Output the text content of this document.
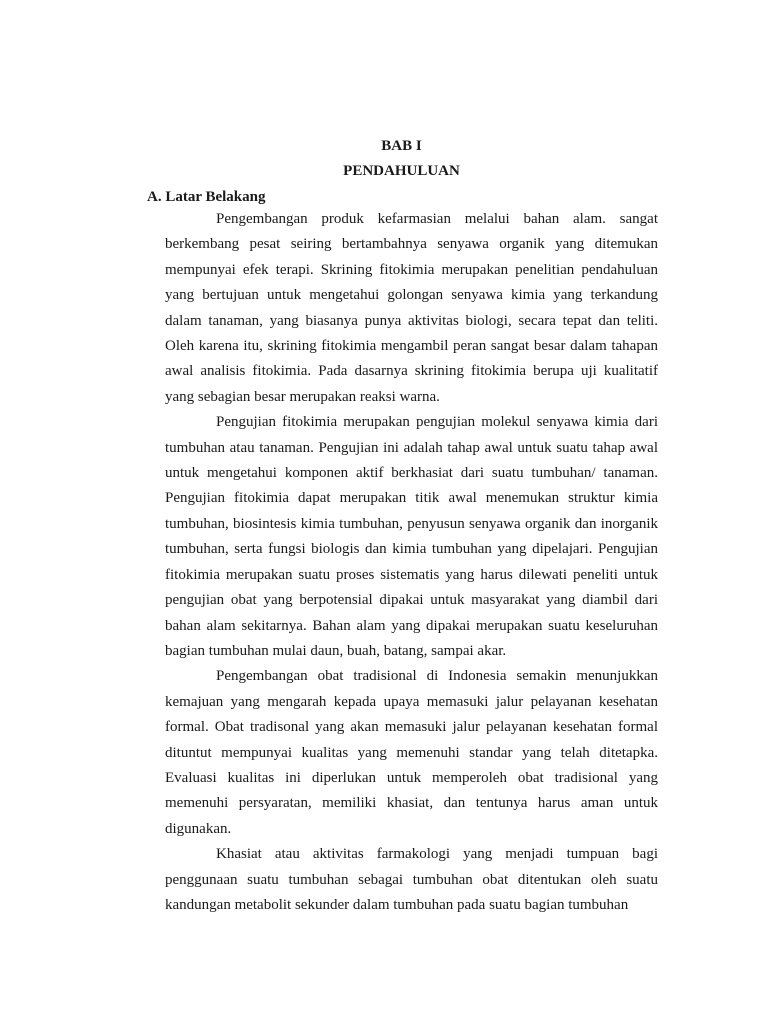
BAB I
PENDAHULUAN
A. Latar Belakang

Pengembangan produk kefarmasian melalui bahan alam. sangat berkembang pesat seiring bertambahnya senyawa organik yang ditemukan mempunyai efek terapi. Skrining fitokimia merupakan penelitian pendahuluan yang bertujuan untuk mengetahui golongan senyawa kimia yang terkandung dalam tanaman, yang biasanya punya aktivitas biologi, secara tepat dan teliti. Oleh karena itu, skrining fitokimia mengambil peran sangat besar dalam tahapan awal analisis fitokimia. Pada dasarnya skrining fitokimia berupa uji kualitatif yang sebagian besar merupakan reaksi warna.

Pengujian fitokimia merupakan pengujian molekul senyawa kimia dari tumbuhan atau tanaman. Pengujian ini adalah tahap awal untuk suatu tahap awal untuk mengetahui komponen aktif berkhasiat dari suatu tumbuhan/ tanaman. Pengujian fitokimia dapat merupakan titik awal menemukan struktur kimia tumbuhan, biosintesis kimia tumbuhan, penyusun senyawa organik dan inorganik tumbuhan, serta fungsi biologis dan kimia tumbuhan yang dipelajari. Pengujian fitokimia merupakan suatu proses sistematis yang harus dilewati peneliti untuk pengujian obat yang berpotensial dipakai untuk masyarakat yang diambil dari bahan alam sekitarnya. Bahan alam yang dipakai merupakan suatu keseluruhan bagian tumbuhan mulai daun, buah, batang, sampai akar.

Pengembangan obat tradisional di Indonesia semakin menunjukkan kemajuan yang mengarah kepada upaya memasuki jalur pelayanan kesehatan formal. Obat tradisonal yang akan memasuki jalur pelayanan kesehatan formal dituntut mempunyai kualitas yang memenuhi standar yang telah ditetapka. Evaluasi kualitas ini diperlukan untuk memperoleh obat tradisional yang memenuhi persyaratan, memiliki khasiat, dan tentunya harus aman untuk digunakan.

Khasiat atau aktivitas farmakologi yang menjadi tumpuan bagi penggunaan suatu tumbuhan sebagai tumbuhan obat ditentukan oleh suatu kandungan metabolit sekunder dalam tumbuhan pada suatu bagian tumbuhan
